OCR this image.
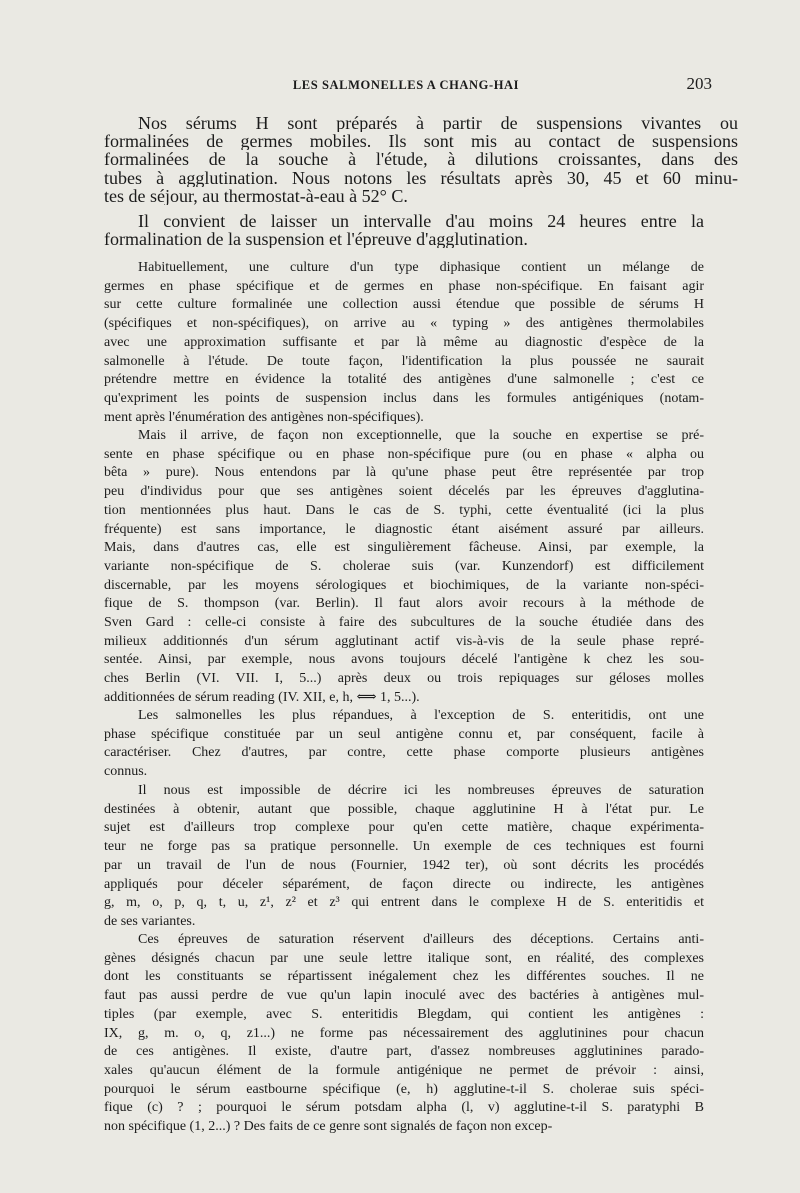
LES SALMONELLES A CHANG-HAI	203
Nos sérums H sont préparés à partir de suspensions vivantes ou
formalinées de germes mobiles. Ils sont mis au contact de suspensions
formalinées de la souche à l'étude, à dilutions croissantes, dans des
tubes à agglutination. Nous notons les résultats après 30, 45 et 60 minu-
tes de séjour, au thermostat-à-eau à 52° C.
Il convient de laisser un intervalle d'au moins 24 heures entre la
formalination de la suspension et l'épreuve d'agglutination.
Habituellement, une culture d'un type diphasique contient un mélange de
germes en phase spécifique et de germes en phase non-spécifique. En faisant agir
sur cette culture formalinée une collection aussi étendue que possible de sérums H
(spécifiques et non-spécifiques), on arrive au « typing » des antigènes thermolabiles
avec une approximation suffisante et par là même au diagnostic d'espèce de la
salmonelle à l'étude. De toute façon, l'identification la plus poussée ne saurait
prétendre mettre en évidence la totalité des antigènes d'une salmonelle ; c'est ce
qu'expriment les points de suspension inclus dans les formules antigéniques (notam-
ment après l'énumération des antigènes non-spécifiques).
Mais il arrive, de façon non exceptionnelle, que la souche en expertise se pré-
sente en phase spécifique ou en phase non-spécifique pure (ou en phase « alpha ou
bêta » pure). Nous entendons par là qu'une phase peut être représentée par trop
peu d'individus pour que ses antigènes soient décelés par les épreuves d'agglutina-
tion mentionnées plus haut. Dans le cas de S. typhi, cette éventualité (ici la plus
fréquente) est sans importance, le diagnostic étant aisément assuré par ailleurs.
Mais, dans d'autres cas, elle est singulièrement fâcheuse. Ainsi, par exemple, la
variante non-spécifique de S. cholerae suis (var. Kunzendorf) est difficilement
discernable, par les moyens sérologiques et biochimiques, de la variante non-spéci-
fique de S. thompson (var. Berlin). Il faut alors avoir recours à la méthode de
Sven Gard : celle-ci consiste à faire des subcultures de la souche étudiée dans des
milieux additionnés d'un sérum agglutinant actif vis-à-vis de la seule phase repré-
sentée. Ainsi, par exemple, nous avons toujours décelé l'antigène k chez les sou-
ches Berlin (VI. VII. I, 5...) après deux ou trois repiquages sur géloses molles
additionnées de sérum reading (IV. XII, e, h, ⟺ 1, 5...).
Les salmonelles les plus répandues, à l'exception de S. enteritidis, ont une
phase spécifique constituée par un seul antigène connu et, par conséquent, facile à
caractériser. Chez d'autres, par contre, cette phase comporte plusieurs antigènes
connus.
Il nous est impossible de décrire ici les nombreuses épreuves de saturation
destinées à obtenir, autant que possible, chaque agglutinine H à l'état pur. Le
sujet est d'ailleurs trop complexe pour qu'en cette matière, chaque expérimenta-
teur ne forge pas sa pratique personnelle. Un exemple de ces techniques est fourni
par un travail de l'un de nous (Fournier, 1942 ter), où sont décrits les procédés
appliqués pour déceler séparément, de façon directe ou indirecte, les antigènes
g, m, o, p, q, t, u, z¹, z² et z³ qui entrent dans le complexe H de S. enteritidis et
de ses variantes.
Ces épreuves de saturation réservent d'ailleurs des déceptions. Certains anti-
gènes désignés chacun par une seule lettre italique sont, en réalité, des complexes
dont les constituants se répartissent inégalement chez les différentes souches. Il ne
faut pas aussi perdre de vue qu'un lapin inoculé avec des bactéries à antigènes mul-
tiples (par exemple, avec S. enteritidis Blegdam, qui contient les antigènes :
IX, g, m. o, q, z1...) ne forme pas nécessairement des agglutinines pour chacun
de ces antigènes. Il existe, d'autre part, d'assez nombreuses agglutinines parado-
xales qu'aucun élément de la formule antigénique ne permet de prévoir : ainsi,
pourquoi le sérum eastbourne spécifique (e, h) agglutine-t-il S. cholerae suis spéci-
fique (c) ? ; pourquoi le sérum potsdam alpha (l, v) agglutine-t-il S. paratyphi B
non spécifique (1, 2...) ? Des faits de ce genre sont signalés de façon non excep-
